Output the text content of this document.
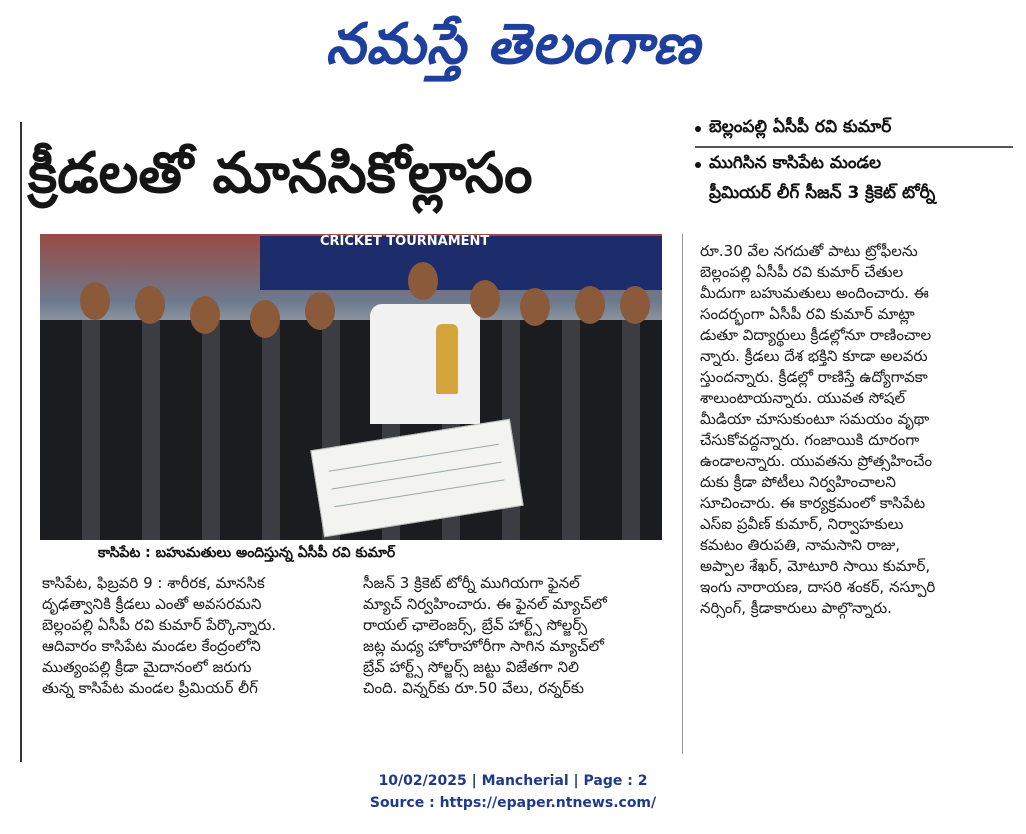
నమస్తే తెలంగాణ
క్రీడలతో మానసికోల్లాసం
బెల్లంపల్లి ఏసీపీ రవి కుమార్
ముగిసిన కాసిపేట మండల
ప్రీమియర్ లీగ్ సీజన్ 3 క్రికెట్ టోర్నీ
CRICKET TOURNAMENT
కాసిపేట : బహుమతులు అందిస్తున్న ఏసీపీ రవి కుమార్

కాసిపేట, ఫిబ్రవరి 9 : శారీరక, మానసిక

దృఢత్వానికి క్రీడలు ఎంతో అవసరమని

బెల్లంపల్లి ఏసీపీ రవి కుమార్ పేర్కొన్నారు.

ఆదివారం కాసిపేట మండల కేంద్రంలోని

ముత్యంపల్లి క్రీడా మైదానంలో జరుగు

తున్న కాసిపేట మండల ప్రీమియర్ లీగ్

సీజన్ 3 క్రికెట్ టోర్నీ ముగియగా ఫైనల్

మ్యాచ్ నిర్వహించారు. ఈ ఫైనల్ మ్యాచ్‌లో

రాయల్ ఛాలెంజర్స్, బ్రేవ్ హార్ట్స్ సోల్జర్స్

జట్ల మధ్య హోరాహోరీగా సాగిన మ్యాచ్‌లో

బ్రేవ్ హార్ట్స్ సోల్జర్స్ జట్టు విజేతగా నిలి

చింది. విన్నర్‌కు రూ.50 వేలు, రన్నర్‌కు

రూ.30 వేల నగదుతో పాటు ట్రోఫీలను

బెల్లంపల్లి ఏసీపీ రవి కుమార్ చేతుల

మీదుగా బహుమతులు అందించారు. ఈ

సందర్భంగా ఏసీపీ రవి కుమార్ మాట్లా

డుతూ విద్యార్థులు క్రీడల్లోనూ రాణించాల

న్నారు. క్రీడలు దేశ భక్తిని కూడా అలవరు

స్తుందన్నారు. క్రీడల్లో రాణిస్తే ఉద్యోగావకా

శాలుంటాయన్నారు. యువత సోషల్

మీడియా చూసుకుంటూ సమయం వృథా

చేసుకోవద్దన్నారు. గంజాయికి దూరంగా

ఉండాలన్నారు. యువతను ప్రోత్సహించేం

దుకు క్రీడా పోటీలు నిర్వహించాలని

సూచించారు. ఈ కార్యక్రమంలో కాసిపేట

ఎస్ఐ ప్రవీణ్ కుమార్, నిర్వాహకులు

కమటం తిరుపతి, నామసాని రాజు,

అప్పాల శేఖర్, మోటూరి సాయి కుమార్,

ఇంగు నారాయణ, దాసరి శంకర్, నస్పూరి

నర్సింగ్, క్రీడాకారులు పాల్గొన్నారు.

10/02/2025 | Mancherial | Page : 2
Source : https://epaper.ntnews.com/
